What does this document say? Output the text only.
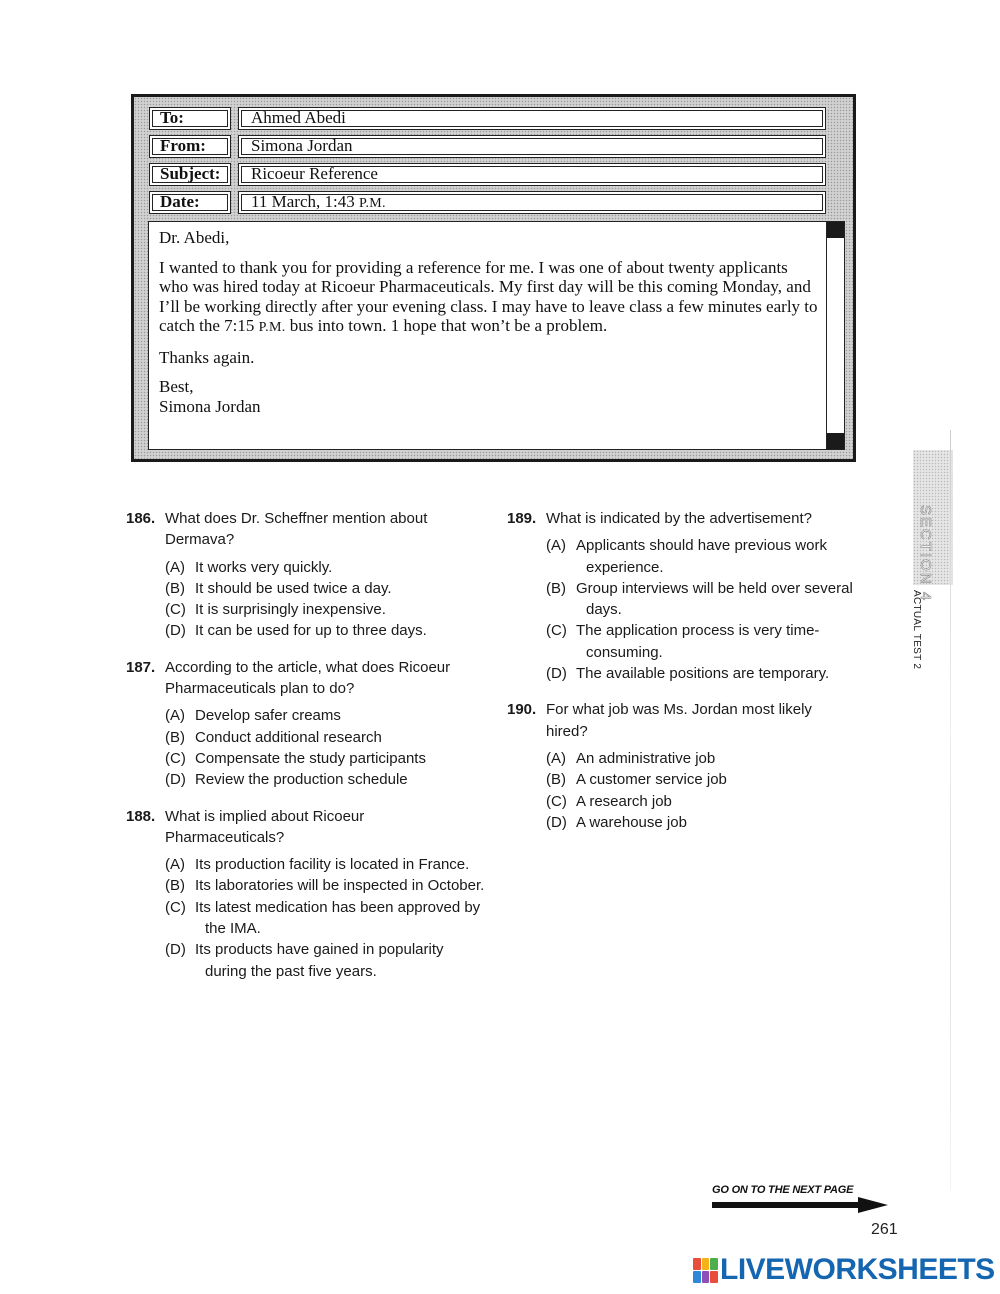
To:	Ahmed Abedi
From:	Simona Jordan
Subject:	Ricoeur Reference
Date:	11 March, 1:43 P.M.

Dr. Abedi,

I wanted to thank you for providing a reference for me. I was one of about twenty applicants who was hired today at Ricoeur Pharmaceuticals. My first day will be this coming Monday, and I’ll be working directly after your evening class. I may have to leave class a few minutes early to catch the 7:15 P.M. bus into town. 1 hope that won’t be a problem.

Thanks again.

Best,
Simona Jordan

186. What does Dr. Scheffner mention about Dermava?
(A) It works very quickly.
(B) It should be used twice a day.
(C) It is surprisingly inexpensive.
(D) It can be used for up to three days.
187. According to the article, what does Ricoeur Pharmaceuticals plan to do?
(A) Develop safer creams
(B) Conduct additional research
(C) Compensate the study participants
(D) Review the production schedule
188. What is implied about Ricoeur Pharmaceuticals?
(A) Its production facility is located in France.
(B) Its laboratories will be inspected in October.
(C) Its latest medication has been approved by the IMA.
(D) Its products have gained in popularity during the past five years.
189. What is indicated by the advertisement?
(A) Applicants should have previous work experience.
(B) Group interviews will be held over several days.
(C) The application process is very time-consuming.
(D) The available positions are temporary.
190. For what job was Ms. Jordan most likely hired?
(A) An administrative job
(B) A customer service job
(C) A research job
(D) A warehouse job
SECTION 4
ACTUAL TEST 2
GO ON TO THE NEXT PAGE
261
LIVEWORKSHEETS
